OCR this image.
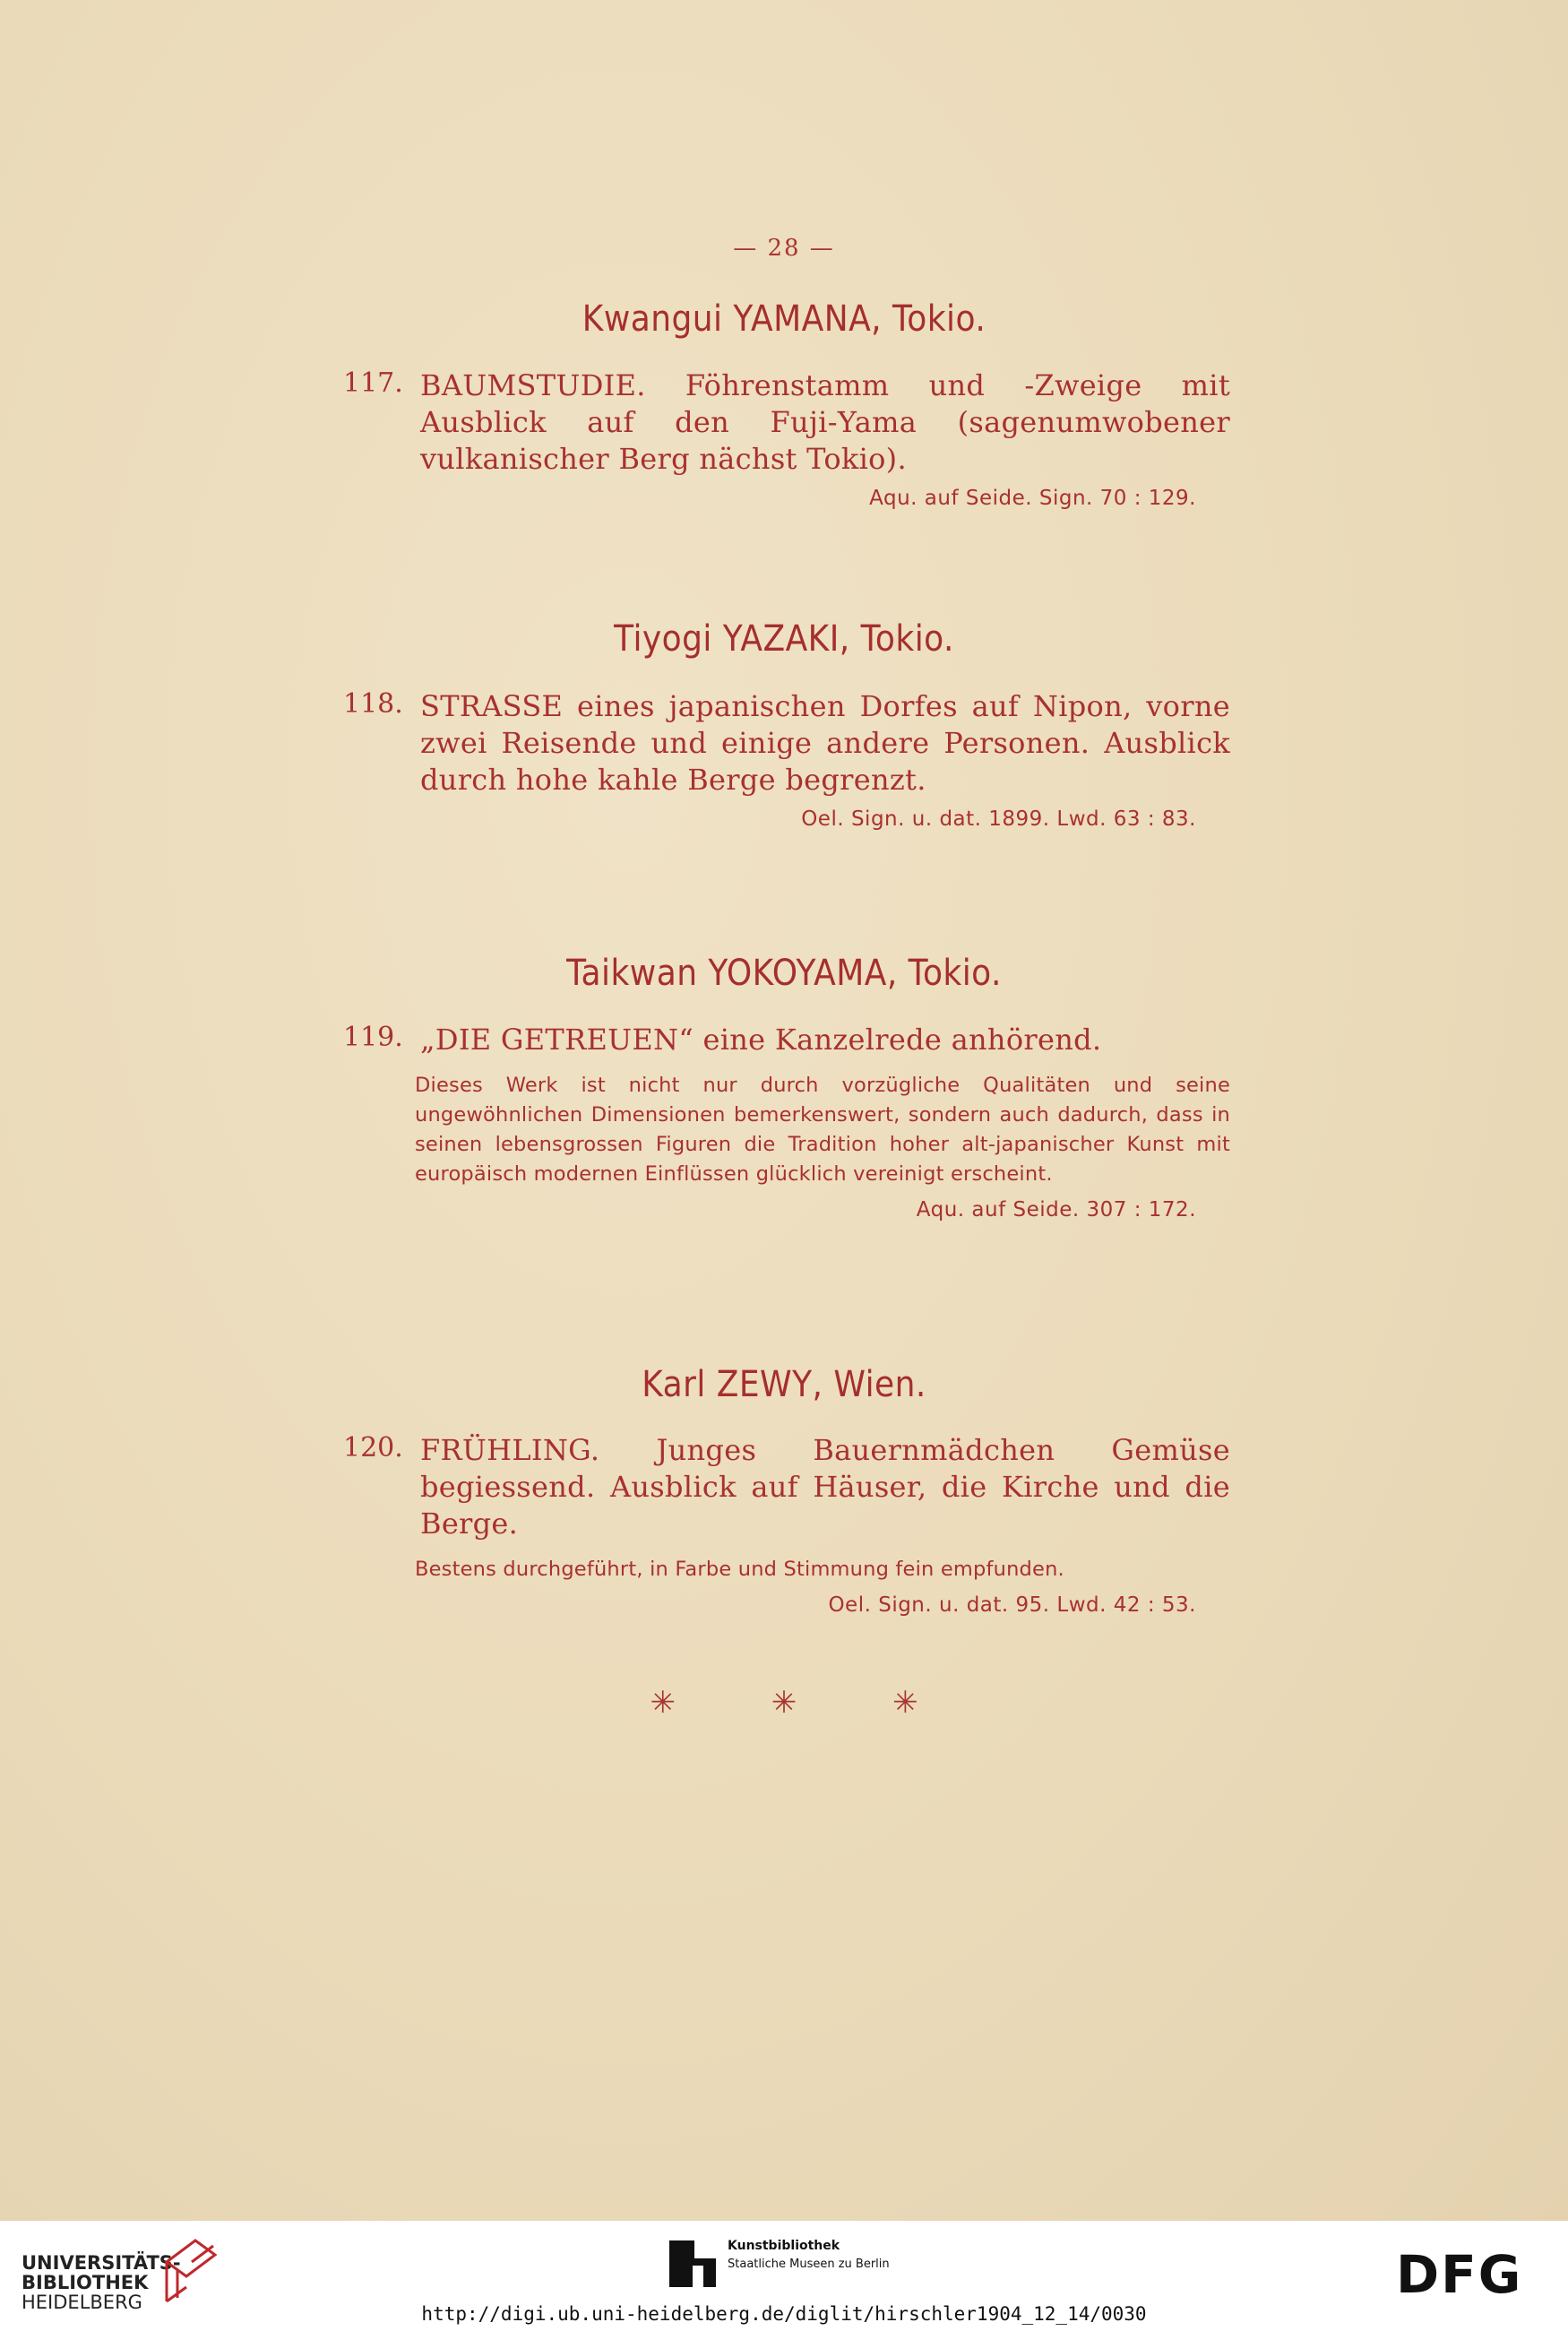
— 28 —
Kwangui YAMANA, Tokio.
117. BAUMSTUDIE. Föhrenstamm und ‑Zweige mit Ausblick auf den Fuji‑Yama (sagenumwobener vulkanischer Berg nächst Tokio).
Aqu. auf Seide. Sign. 70 : 129.
Tiyogi YAZAKI, Tokio.
118. STRASSE eines japanischen Dorfes auf Nipon, vorne zwei Reisende und einige andere Personen. Ausblick durch hohe kahle Berge begrenzt.
Oel. Sign. u. dat. 1899. Lwd. 63 : 83.
Taikwan YOKOYAMA, Tokio.
119. „DIE GETREUEN“ eine Kanzelrede anhörend.
Dieses Werk ist nicht nur durch vorzügliche Qualitäten und seine ungewöhnlichen Dimensionen bemerkenswert, sondern auch dadurch, dass in seinen lebensgrossen Figuren die Tradition hoher alt‑japanischer Kunst mit europäisch modernen Einflüssen glücklich vereinigt erscheint.
Aqu. auf Seide. 307 : 172.
Karl ZEWY, Wien.
120. FRÜHLING. Junges Bauernmädchen Gemüse begiessend. Ausblick auf Häuser, die Kirche und die Berge.
Bestens durchgeführt, in Farbe und Stimmung fein empfunden.
Oel. Sign. u. dat. 95. Lwd. 42 : 53.
✳	✳	✳
UNIVERSITÄTS-
BIBLIOTHEK
HEIDELBERG
Kunstbibliothek
Staatliche Museen zu Berlin	DFG
http://digi.ub.uni-heidelberg.de/diglit/hirschler1904_12_14/0030
